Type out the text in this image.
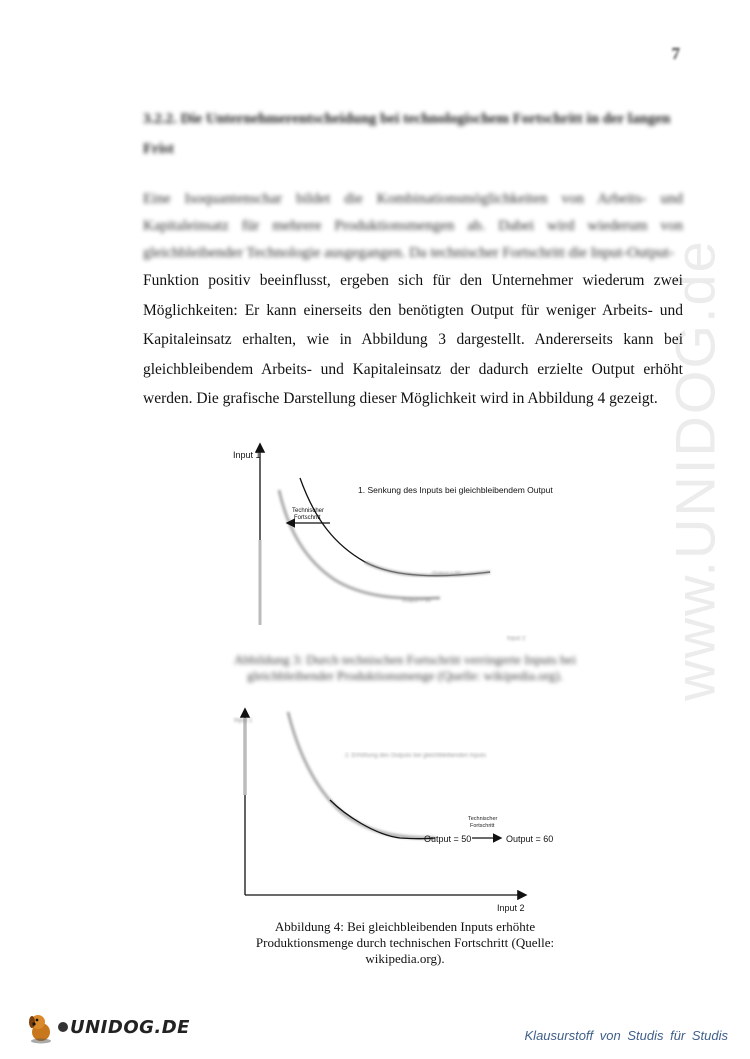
7
www.UNIDOG.de
3.2.2. Die Unternehmerentscheidung bei technologischem Fortschritt in der langen Frist
Eine Isoquantenschar bildet die Kombinationsmöglichkeiten von Arbeits- und Kapitaleinsatz für mehrere Produktionsmengen ab. Dabei wird wiederum von gleichbleibender Technologie ausgegangen. Da technischer Fortschritt die Input-Output-
Funktion positiv beeinflusst, ergeben sich für den Unternehmer wiederum zwei Möglichkeiten: Er kann einerseits den benötigten Output für weniger Arbeits- und Kapitaleinsatz erhalten, wie in Abbildung 3 dargestellt. Andererseits kann bei gleichbleibendem Arbeits- und Kapitaleinsatz der dadurch erzielte Output erhöht werden. Die grafische Darstellung dieser Möglichkeit wird in Abbildung 4 gezeigt.
Input 1
1. Senkung des Inputs bei gleichbleibendem Output
Technischer
Fortschritt
Output = 50
Output = 50
Input 2
Abbildung 3: Durch technischen Fortschritt verringerte Inputs bei gleichbleibender Produktionsmenge (Quelle: wikipedia.org).
Input 1
2. Erhöhung des Outputs bei gleichbleibenden Inputs
Technischer
Fortschritt
Output = 50	Output = 60
Input 2
Abbildung 4: Bei gleichbleibenden Inputs erhöhte Produktionsmenge durch technischen Fortschritt (Quelle: wikipedia.org).
UNIDOG.DE	Klausurstoff von Studis für Studis
